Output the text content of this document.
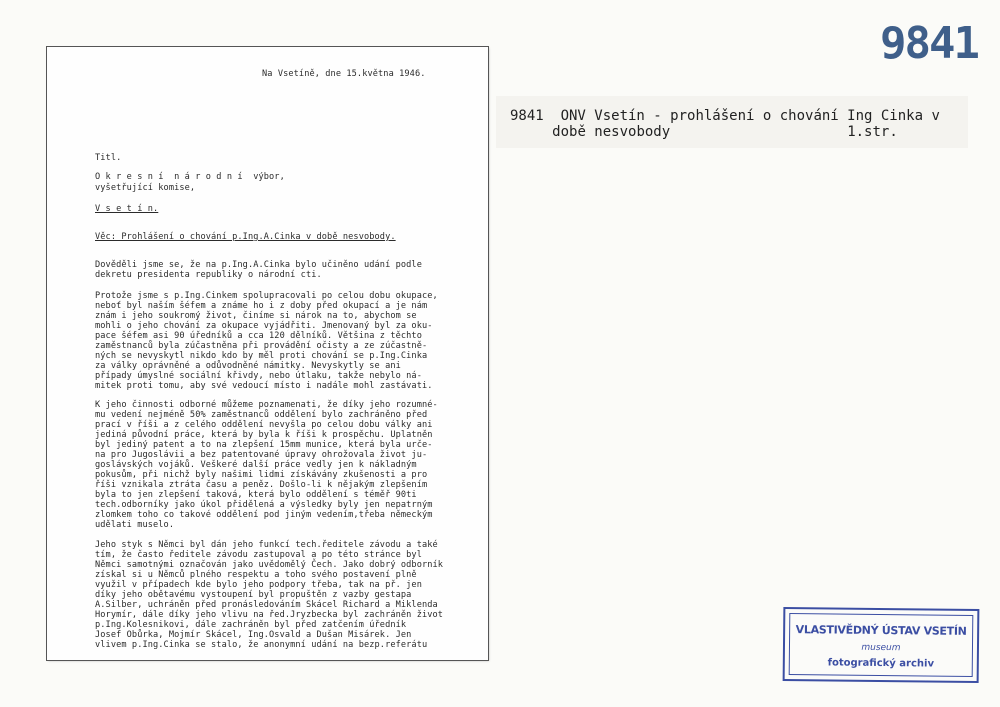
9841
9841 ONV Vsetín - prohlášení o chování Ing Cinka v
době nesvobody	1.str.
Na Vsetíně, dne 15.května 1946.
Titl.
O k r e s n í  n á r o d n í  výbor,
vyšetřující komise,
V s e t í n.
Věc: Prohlášení o chování p.Ing.A.Cinka v době nesvobody.
Dověděli jsme se, že na p.Ing.A.Cinka bylo učiněno udání podle
dekretu presidenta republiky o národní cti.
Protože jsme s p.Ing.Cinkem spolupracovali po celou dobu okupace,
neboť byl naším šéfem a známe ho i z doby před okupací a je nám
znám i jeho soukromý život, činíme si nárok na to, abychom se
mohli o jeho chování za okupace vyjádřiti. Jmenovaný byl za oku-
pace šéfem asi 90 úředníků a cca 120 dělníků. Většina z těchto
zaměstnanců byla zúčastněna při provádění očisty a ze zúčastně-
ných se nevyskytl nikdo kdo by měl proti chování se p.Ing.Cinka
za války oprávněné a odůvodněné námitky. Nevyskytly se ani
případy úmyslné sociální křivdy, nebo útlaku, takže nebylo ná-
mitek proti tomu, aby své vedoucí místo i nadále mohl zastávati.
K jeho činnosti odborné můžeme poznamenati, že díky jeho rozumné-
mu vedení nejméně 50% zaměstnanců oddělení bylo zachráněno před
prací v říši a z celého oddělení nevyšla po celou dobu války ani
jediná původní práce, která by byla k říši k prospěchu. Uplatněn
byl jediný patent a to na zlepšení 15mm munice, která byla urče-
na pro Jugoslávii a bez patentované úpravy ohrožovala život ju-
goslávských vojáků. Veškeré další práce vedly jen k nákladným
pokusům, při nichž byly našimi lidmi získávány zkušenosti a pro
říši vznikala ztráta času a peněz. Došlo-li k nějakým zlepšením
byla to jen zlepšení taková, která bylo oddělení s téměř 90ti
tech.odborníky jako úkol přidělená a výsledky byly jen nepatrným
zlomkem toho co takové oddělení pod jiným vedením,třeba německým
udělati muselo.
Jeho styk s Němci byl dán jeho funkcí tech.ředitele závodu a také
tím, že často ředitele závodu zastupoval a po této stránce byl
Němci samotnými označován jako uvědomělý Čech. Jako dobrý odborník
získal si u Němců plného respektu a toho svého postavení plně
využil v případech kde bylo jeho podpory třeba, tak na př. jen
díky jeho obětavému vystoupení byl propuštěn z vazby gestapa
A.Silber, uchráněn před pronásledováním Skácel Richard a Miklenda
Horymír, dále díky jeho vlivu na řed.Jryzbecka byl zachráněn život
p.Ing.Kolesnikovi, dále zachráněn byl před zatčením úředník
Josef Obůrka, Mojmír Skácel, Ing.Osvald a Dušan Misárek. Jen
vlivem p.Ing.Cinka se stalo, že anonymní udání na bezp.referátu
VLASTIVĚDNÝ ÚSTAV VSETÍN
museum
fotografický archiv
